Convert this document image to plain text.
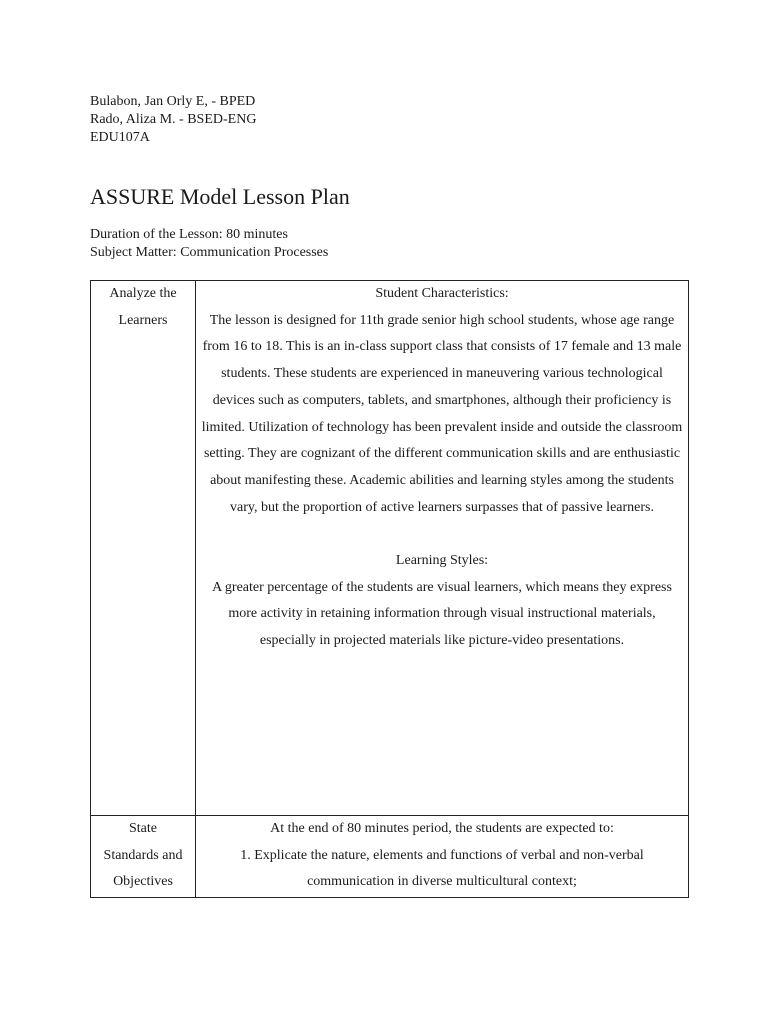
Bulabon, Jan Orly E, - BPED
Rado, Aliza M. - BSED-ENG
EDU107A
ASSURE Model Lesson Plan
Duration of the Lesson: 80 minutes
Subject Matter: Communication Processes
Analyze the
Learners	Student Characteristics:
The lesson is designed for 11th grade senior high school students, whose age range from 16 to 18. This is an in-class support class that consists of 17 female and 13 male students. These students are experienced in maneuvering various technological devices such as computers, tablets, and smartphones, although their proficiency is limited. Utilization of technology has been prevalent inside and outside the classroom setting. They are cognizant of the different communication skills and are enthusiastic about manifesting these. Academic abilities and learning styles among the students vary, but the proportion of active learners surpasses that of passive learners.
Learning Styles:
A greater percentage of the students are visual learners, which means they express more activity in retaining information through visual instructional materials, especially in projected materials like picture-video presentations.

State
Standards and
Objectives	At the end of 80 minutes period, the students are expected to:
1. Explicate the nature, elements and functions of verbal and non-verbal communication in diverse multicultural context;
